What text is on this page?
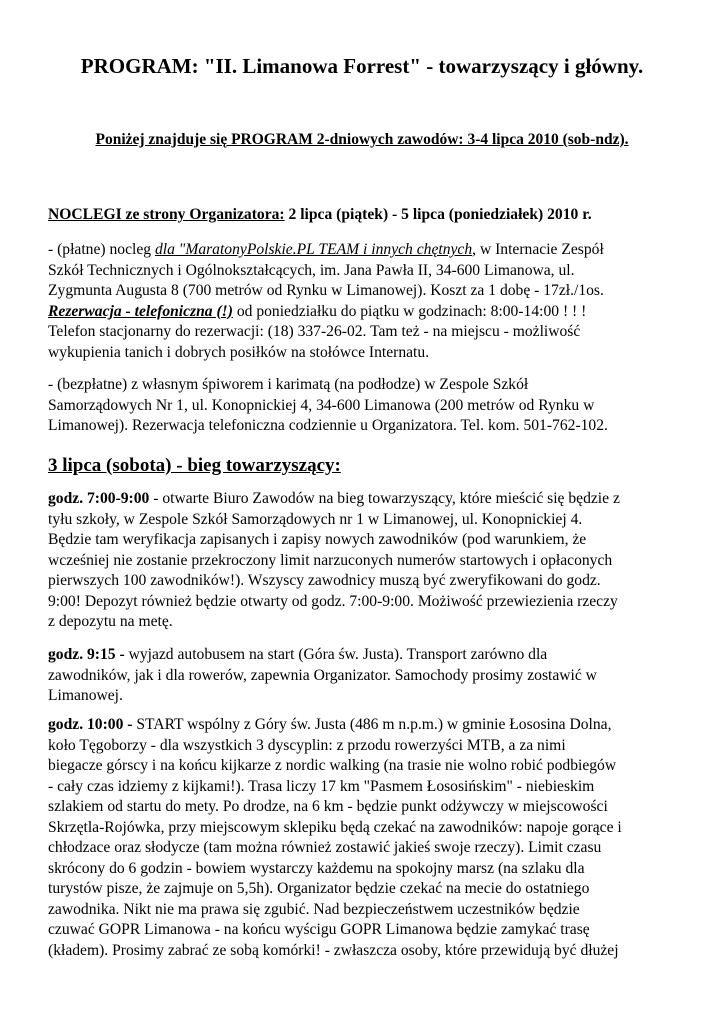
PROGRAM: "II. Limanowa Forrest" - towarzyszący i główny.
Poniżej znajduje się PROGRAM 2-dniowych zawodów: 3-4 lipca 2010 (sob-ndz).
NOCLEGI ze strony Organizatora: 2 lipca (piątek) - 5 lipca (poniedziałek) 2010 r.
- (płatne) nocleg dla "MaratonyPolskie.PL TEAM i innych chętnych, w Internacie Zespół
Szkół Technicznych i Ogólnokształcących, im. Jana Pawła II, 34-600 Limanowa, ul.
Zygmunta Augusta 8 (700 metrów od Rynku w Limanowej). Koszt za 1 dobę - 17zł./1os.
Rezerwacja - telefoniczna (!) od poniedziałku do piątku w godzinach: 8:00-14:00 ! ! !
Telefon stacjonarny do rezerwacji: (18) 337-26-02. Tam też - na miejscu - możliwość
wykupienia tanich i dobrych posiłków na stołówce Internatu.
- (bezpłatne) z własnym śpiworem i karimatą (na podłodze) w Zespole Szkół
Samorządowych Nr 1, ul. Konopnickiej 4, 34-600 Limanowa (200 metrów od Rynku w
Limanowej). Rezerwacja telefoniczna codziennie u Organizatora. Tel. kom. 501-762-102.
3 lipca (sobota) - bieg towarzyszący:
godz. 7:00-9:00 - otwarte Biuro Zawodów na bieg towarzyszący, które mieścić się będzie z
tyłu szkoły, w Zespole Szkół Samorządowych nr 1 w Limanowej, ul. Konopnickiej 4.
Będzie tam weryfikacja zapisanych i zapisy nowych zawodników (pod warunkiem, że
wcześniej nie zostanie przekroczony limit narzuconych numerów startowych i opłaconych
pierwszych 100 zawodników!). Wszyscy zawodnicy muszą być zweryfikowani do godz.
9:00! Depozyt również będzie otwarty od godz. 7:00-9:00. Możiwość przewiezienia rzeczy
z depozytu na metę.
godz. 9:15 - wyjazd autobusem na start (Góra św. Justa). Transport zarówno dla
zawodników, jak i dla rowerów, zapewnia Organizator. Samochody prosimy zostawić w
Limanowej.
godz. 10:00 - START wspólny z Góry św. Justa (486 m n.p.m.) w gminie Łososina Dolna,
koło Tęgoborzy - dla wszystkich 3 dyscyplin: z przodu rowerzyści MTB, a za nimi
biegacze górscy i na końcu kijkarze z nordic walking (na trasie nie wolno robić podbiegów
- cały czas idziemy z kijkami!). Trasa liczy 17 km "Pasmem Łososińskim" - niebieskim
szlakiem od startu do mety. Po drodze, na 6 km - będzie punkt odżywczy w miejscowości
Skrzętla-Rojówka, przy miejscowym sklepiku będą czekać na zawodników: napoje gorące i
chłodzace oraz słodycze (tam można również zostawić jakieś swoje rzeczy). Limit czasu
skrócony do 6 godzin - bowiem wystarczy każdemu na spokojny marsz (na szlaku dla
turystów pisze, że zajmuje on 5,5h). Organizator będzie czekać na mecie do ostatniego
zawodnika. Nikt nie ma prawa się zgubić. Nad bezpieczeństwem uczestników będzie
czuwać GOPR Limanowa - na końcu wyścigu GOPR Limanowa będzie zamykać trasę
(kładem). Prosimy zabrać ze sobą komórki! - zwłaszcza osoby, które przewidują być dłużej
